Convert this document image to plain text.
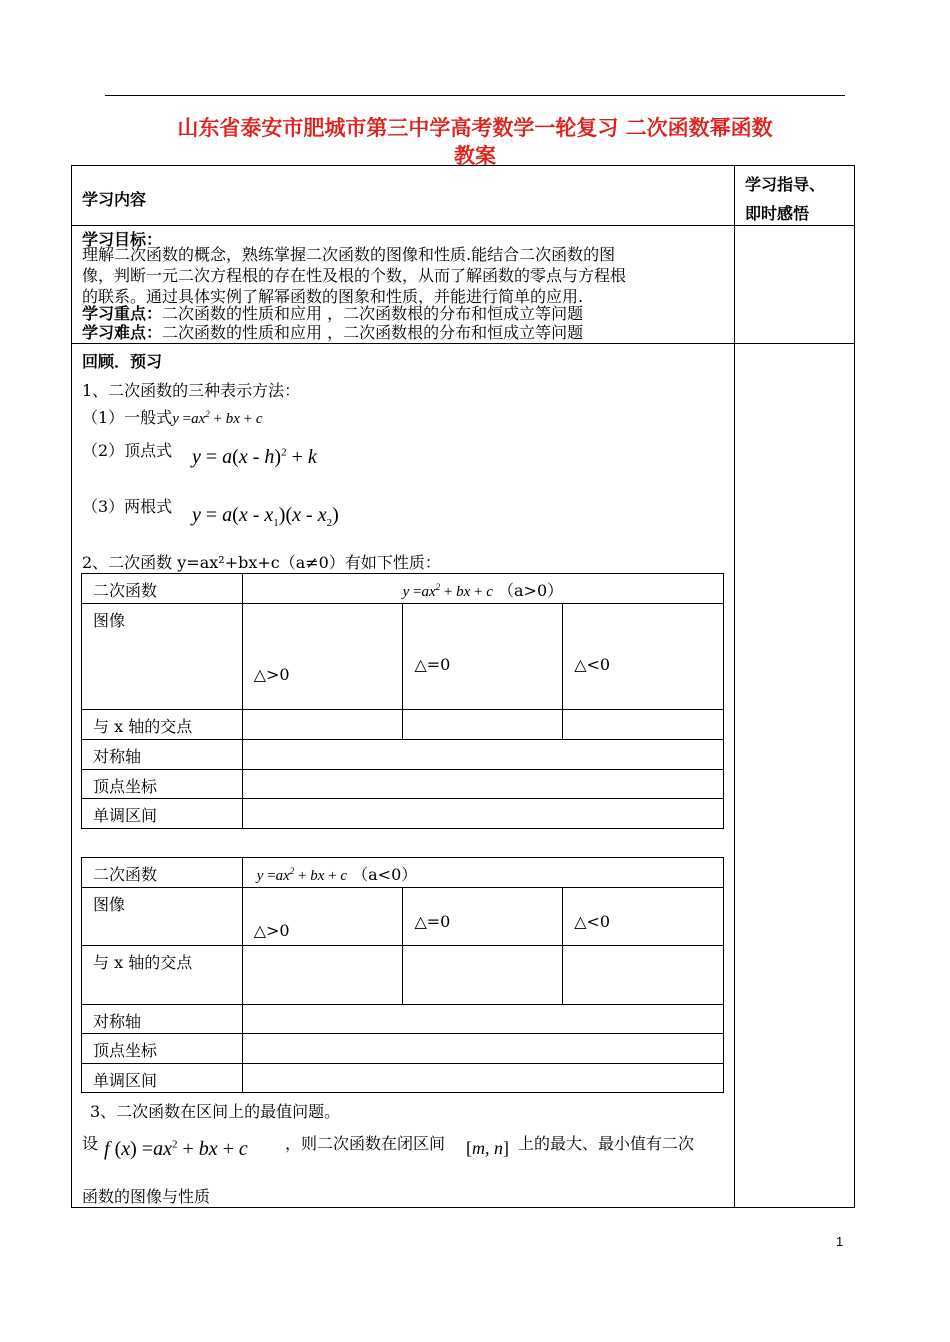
山东省泰安市肥城市第三中学高考数学一轮复习 二次函数幂函数
教案
学习内容
学习指导、
即时感悟
学习目标：
理解二次函数的概念，熟练掌握二次函数的图像和性质.能结合二次函数的图
像，判断一元二次方程根的存在性及根的个数，从而了解函数的零点与方程根
的联系。通过具体实例了解幂函数的图象和性质，并能进行简单的应用.
学习重点：二次函数的性质和应用 ，二次函数根的分布和恒成立等问题
学习难点：二次函数的性质和应用 ，二次函数根的分布和恒成立等问题
回顾．预习
1、二次函数的三种表示方法：
（1）一般式$y =ax^2$ + bx + c
（2）顶点式 y = a(x - h)$^2$ + k
（3）两根式 $y = a(x - x_1)(x - x_2)$
2、二次函数 y=ax²+bx+c（a≠0）有如下性质：
二次函数	$y =ax^2$ + bx + c （a>0）		
图像	△>0	△=0	△<0
与 x 轴的交点			
对称轴			
顶点坐标			
单调区间			
二次函数	$y =ax^2$ + bx + c （a<0）		
图像	△>0	△=0	△<0
与 x 轴的交点			
对称轴			
顶点坐标			
单调区间			
3、二次函数在区间上的最值问题。
设 f $(x) =ax^2$ + bx + c ，则二次函数在闭区间 [m, n] 上的最大、最小值有二次
函数的图像与性质
1
